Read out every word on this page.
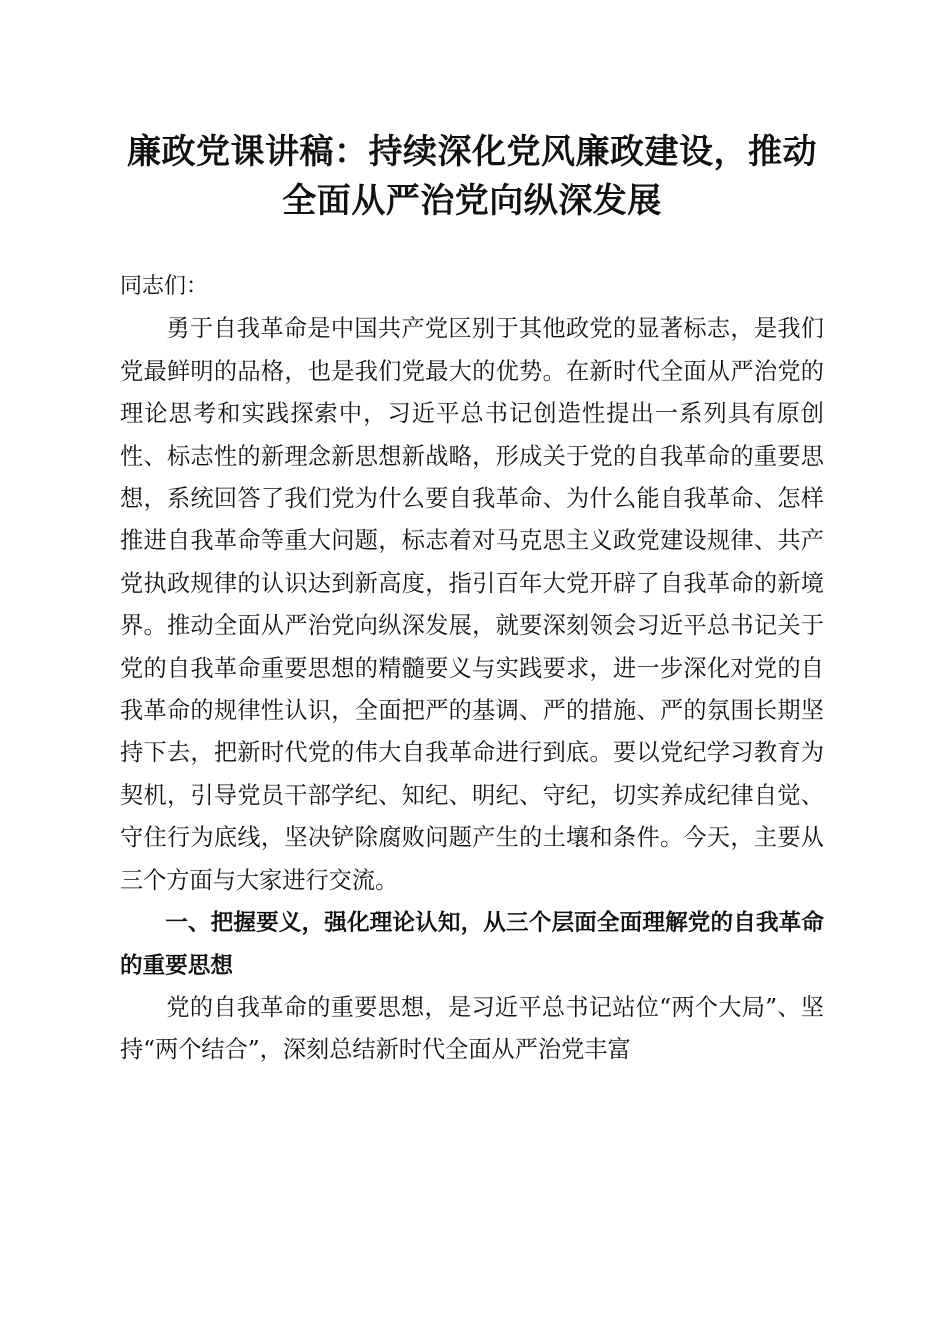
廉政党课讲稿：持续深化党风廉政建设，推动
全面从严治党向纵深发展

同志们：

勇于自我革命是中国共产党区别于其他政党的显著标志，是我们党最鲜明的品格，也是我们党最大的优势。在新时代全面从严治党的理论思考和实践探索中，习近平总书记创造性提出一系列具有原创性、标志性的新理念新思想新战略，形成关于党的自我革命的重要思想，系统回答了我们党为什么要自我革命、为什么能自我革命、怎样推进自我革命等重大问题，标志着对马克思主义政党建设规律、共产党执政规律的认识达到新高度，指引百年大党开辟了自我革命的新境界。推动全面从严治党向纵深发展，就要深刻领会习近平总书记关于党的自我革命重要思想的精髓要义与实践要求，进一步深化对党的自我革命的规律性认识，全面把严的基调、严的措施、严的氛围长期坚持下去，把新时代党的伟大自我革命进行到底。要以党纪学习教育为契机，引导党员干部学纪、知纪、明纪、守纪，切实养成纪律自觉、守住行为底线，坚决铲除腐败问题产生的土壤和条件。今天，主要从三个方面与大家进行交流。

一、把握要义，强化理论认知，从三个层面全面理解党的自我革命的重要思想

党的自我革命的重要思想，是习近平总书记站位“两个大局”、坚持“两个结合”，深刻总结新时代全面从严治党丰富
